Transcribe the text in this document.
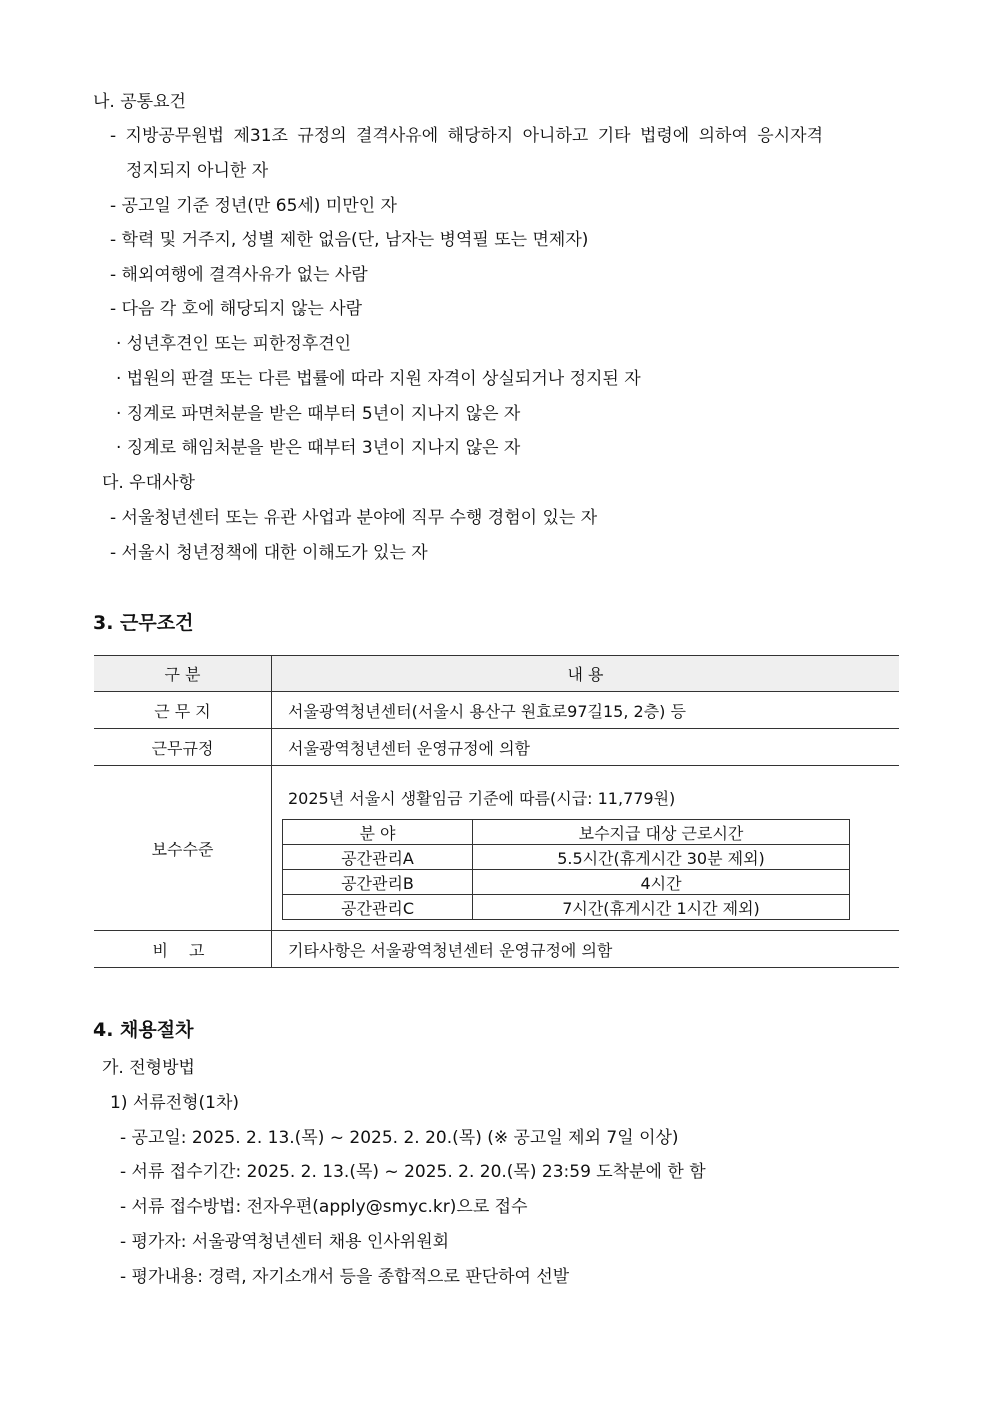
나. 공통요건
- 지방공무원법 제31조 규정의 결격사유에 해당하지 아니하고 기타 법령에 의하여 응시자격
정지되지 아니한 자
- 공고일 기준 정년(만 65세) 미만인 자
- 학력 및 거주지, 성별 제한 없음(단, 남자는 병역필 또는 면제자)
- 해외여행에 결격사유가 없는 사람
- 다음 각 호에 해당되지 않는 사람
· 성년후견인 또는 피한정후견인
· 법원의 판결 또는 다른 법률에 따라 지원 자격이 상실되거나 정지된 자
· 징계로 파면처분을 받은 때부터 5년이 지나지 않은 자
· 징계로 해임처분을 받은 때부터 3년이 지나지 않은 자
다. 우대사항
- 서울청년센터 또는 유관 사업과 분야에 직무 수행 경험이 있는 자
- 서울시 청년정책에 대한 이해도가 있는 자
3. 근무조건
구 분	내 용
근 무 지	서울광역청년센터(서울시 용산구 원효로97길15, 2층) 등
근무규정	서울광역청년센터 운영규정에 의함
보수수준	
2025년 서울시 생활임금 기준에 따름(시급: 11,779원)
분 야	보수지급 대상 근로시간
공간관리A	5.5시간(휴게시간 30분 제외)
공간관리B	4시간
공간관리C	7시간(휴게시간 1시간 제외)

비 고	기타사항은 서울광역청년센터 운영규정에 의함
4. 채용절차
가. 전형방법
1) 서류전형(1차)
- 공고일: 2025. 2. 13.(목) ~ 2025. 2. 20.(목) (※ 공고일 제외 7일 이상)
- 서류 접수기간: 2025. 2. 13.(목) ~ 2025. 2. 20.(목) 23:59 도착분에 한 함
- 서류 접수방법: 전자우편(apply@smyc.kr)으로 접수
- 평가자: 서울광역청년센터 채용 인사위원회
- 평가내용: 경력, 자기소개서 등을 종합적으로 판단하여 선발
